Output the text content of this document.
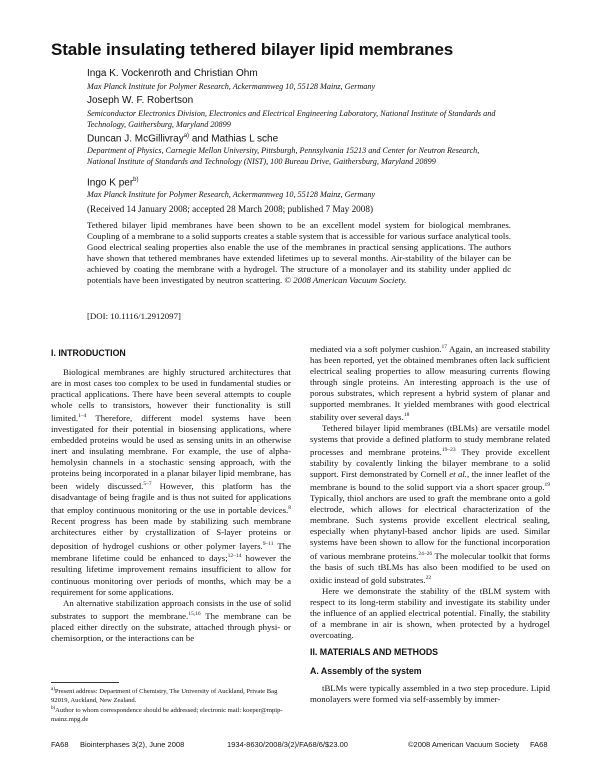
Stable insulating tethered bilayer lipid membranes
Inga K. Vockenroth and Christian Ohm
Max Planck Institute for Polymer Research, Ackermannweg 10, 55128 Mainz, Germany
Joseph W. F. Robertson
Semiconductor Electronics Division, Electronics and Electrical Engineering Laboratory, National Institute of Standards and Technology, Gaithersburg, Maryland 20899
Duncan J. McGillivray$^{a)}$ and Mathias L sche
Department of Physics, Carnegie Mellon University, Pittsburgh, Pennsylvania 15213 and Center for Neutron Research, National Institute of Standards and Technology (NIST), 100 Bureau Drive, Gaithersburg, Maryland 20899
Ingo K per$^{b)}$
Max Planck Institute for Polymer Research, Ackermannweg 10, 55128 Mainz, Germany
(Received 14 January 2008; accepted 28 March 2008; published 7 May 2008)
Tethered bilayer lipid membranes have been shown to be an excellent model system for biological membranes. Coupling of a membrane to a solid supports creates a stable system that is accessible for various surface analytical tools. Good electrical sealing properties also enable the use of the membranes in practical sensing applications. The authors have shown that tethered membranes have extended lifetimes up to several months. Air-stability of the bilayer can be achieved by coating the membrane with a hydrogel. The structure of a monolayer and its stability under applied dc potentials have been investigated by neutron scattering. © 2008 American Vacuum Society.
[DOI: 10.1116/1.2912097]
I. INTRODUCTION

Biological membranes are highly structured architectures that are in most cases too complex to be used in fundamental studies or practical applications. There have been several attempts to couple whole cells to transistors, however their functionality is still limited.$^{1-4}$ Therefore, different model systems have been investigated for their potential in biosensing applications, where embedded proteins would be used as sensing units in an otherwise inert and insulating membrane. For example, the use of alpha-hemolysin channels in a stochastic sensing approach, with the proteins being incorporated in a planar bilayer lipid membrane, has been widely discussed.$^{5-7}$ However, this platform has the disadvantage of being fragile and is thus not suited for applications that employ continuous monitoring or the use in portable devices.$^8$ Recent progress has been made by stabilizing such membrane architectures either by crystallization of S-layer proteins or deposition of hydrogel cushions or other polymer layers.$^{9-11}$ The membrane lifetime could be enhanced to days;$^{12-14}$ however the resulting lifetime improvement remains insufficient to allow for continuous monitoring over periods of months, which may be a requirement for some applications.

An alternative stabilization approach consists in the use of solid substrates to support the membrane.$^{15,16}$ The membrane can be placed either directly on the substrate, attached through physi- or chemisorption, or the interactions can be

mediated via a soft polymer cushion.$^{17}$ Again, an increased stability has been reported, yet the obtained membranes often lack sufficient electrical sealing properties to allow measuring currents flowing through single proteins. An interesting approach is the use of porous substrates, which represent a hybrid system of planar and supported membranes. It yielded membranes with good electrical stability over several days.$^{18}$

Tethered bilayer lipid membranes (tBLMs) are versatile model systems that provide a defined platform to study membrane related processes and membrane proteins.$^{19-23}$ They provide excellent stability by covalently linking the bilayer membrane to a solid support. First demonstrated by Cornell et al., the inner leaflet of the membrane is bound to the solid support via a short spacer group.$^{19}$ Typically, thiol anchors are used to graft the membrane onto a gold electrode, which allows for electrical characterization of the membrane. Such systems provide excellent electrical sealing, especially when phytanyl-based anchor lipids are used. Similar systems have been shown to allow for the functional incorporation of various membrane proteins.$^{24-26}$ The molecular toolkit that forms the basis of such tBLMs has also been modified to be used on oxidic instead of gold substrates.$^{22}$

Here we demonstrate the stability of the tBLM system with respect to its long-term stability and investigate its stability under the influence of an applied electrical potential. Finally, the stability of a membrane in air is shown, when protected by a hydrogel overcoating.

II. MATERIALS AND METHODS
A. Assembly of the system

tBLMs were typically assembled in a two step procedure. Lipid monolayers were formed via self-assembly by immer-

$^{a)}$Present address: Department of Chemistry, The University of Auckland, Private Bag 92019, Auckland, New Zealand.

$^{b)}$Author to whom correspondence should be addressed; electronic mail: koeper@mpip-mainz.mpg.de

FA68 Biointerphases 3(2), June 2008	1934-8630/2008/3(2)/FA68/6/$23.00	©2008 American Vacuum Society FA68
